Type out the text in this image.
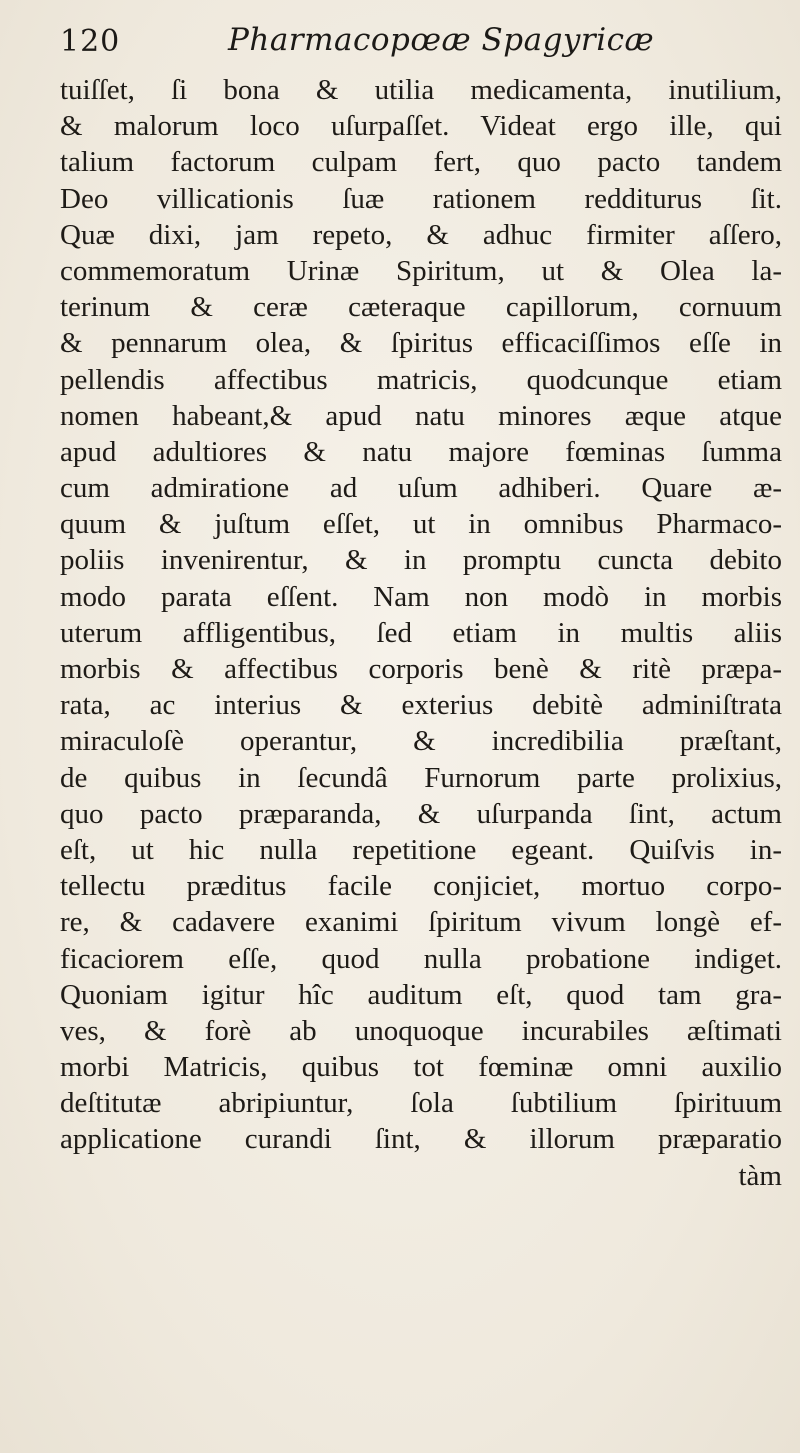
120	Pharmacopœæ Spagyricæ
tuiſſet, ſi bona & utilia medicamenta, inutilium,
& malorum loco uſurpaſſet. Videat ergo ille, qui
talium factorum culpam fert, quo pacto tandem
Deo villicationis ſuæ rationem redditurus ſit.
Quæ dixi, jam repeto, & adhuc firmiter aſſero,
commemoratum Urinæ Spiritum, ut & Olea la-
terinum & ceræ cæteraque capillorum, cornuum
& pennarum olea, & ſpiritus efficaciſſimos eſſe in
pellendis affectibus matricis, quodcunque etiam
nomen habeant,& apud natu minores æque atque
apud adultiores & natu majore fœminas ſumma
cum admiratione ad uſum adhiberi. Quare æ-
quum & juſtum eſſet, ut in omnibus Pharmaco-
poliis invenirentur, & in promptu cuncta debito
modo parata eſſent. Nam non modò in morbis
uterum affligentibus, ſed etiam in multis aliis
morbis & affectibus corporis benè & ritè præpa-
rata, ac interius & exterius debitè adminiſtrata
miraculoſè operantur, & incredibilia præſtant,
de quibus in ſecundâ Furnorum parte prolixius,
quo pacto præparanda, & uſurpanda ſint, actum
eſt, ut hic nulla repetitione egeant. Quiſvis in-
tellectu præditus facile conjiciet, mortuo corpo-
re, & cadavere exanimi ſpiritum vivum longè ef-
ficaciorem eſſe, quod nulla probatione indiget.
Quoniam igitur hîc auditum eſt, quod tam gra-
ves, & forè ab unoquoque incurabiles æſtimati
morbi Matricis, quibus tot fœminæ omni auxilio
deſtitutæ abripiuntur, ſola ſubtilium ſpirituum
applicatione curandi ſint, & illorum præparatio
tàm
